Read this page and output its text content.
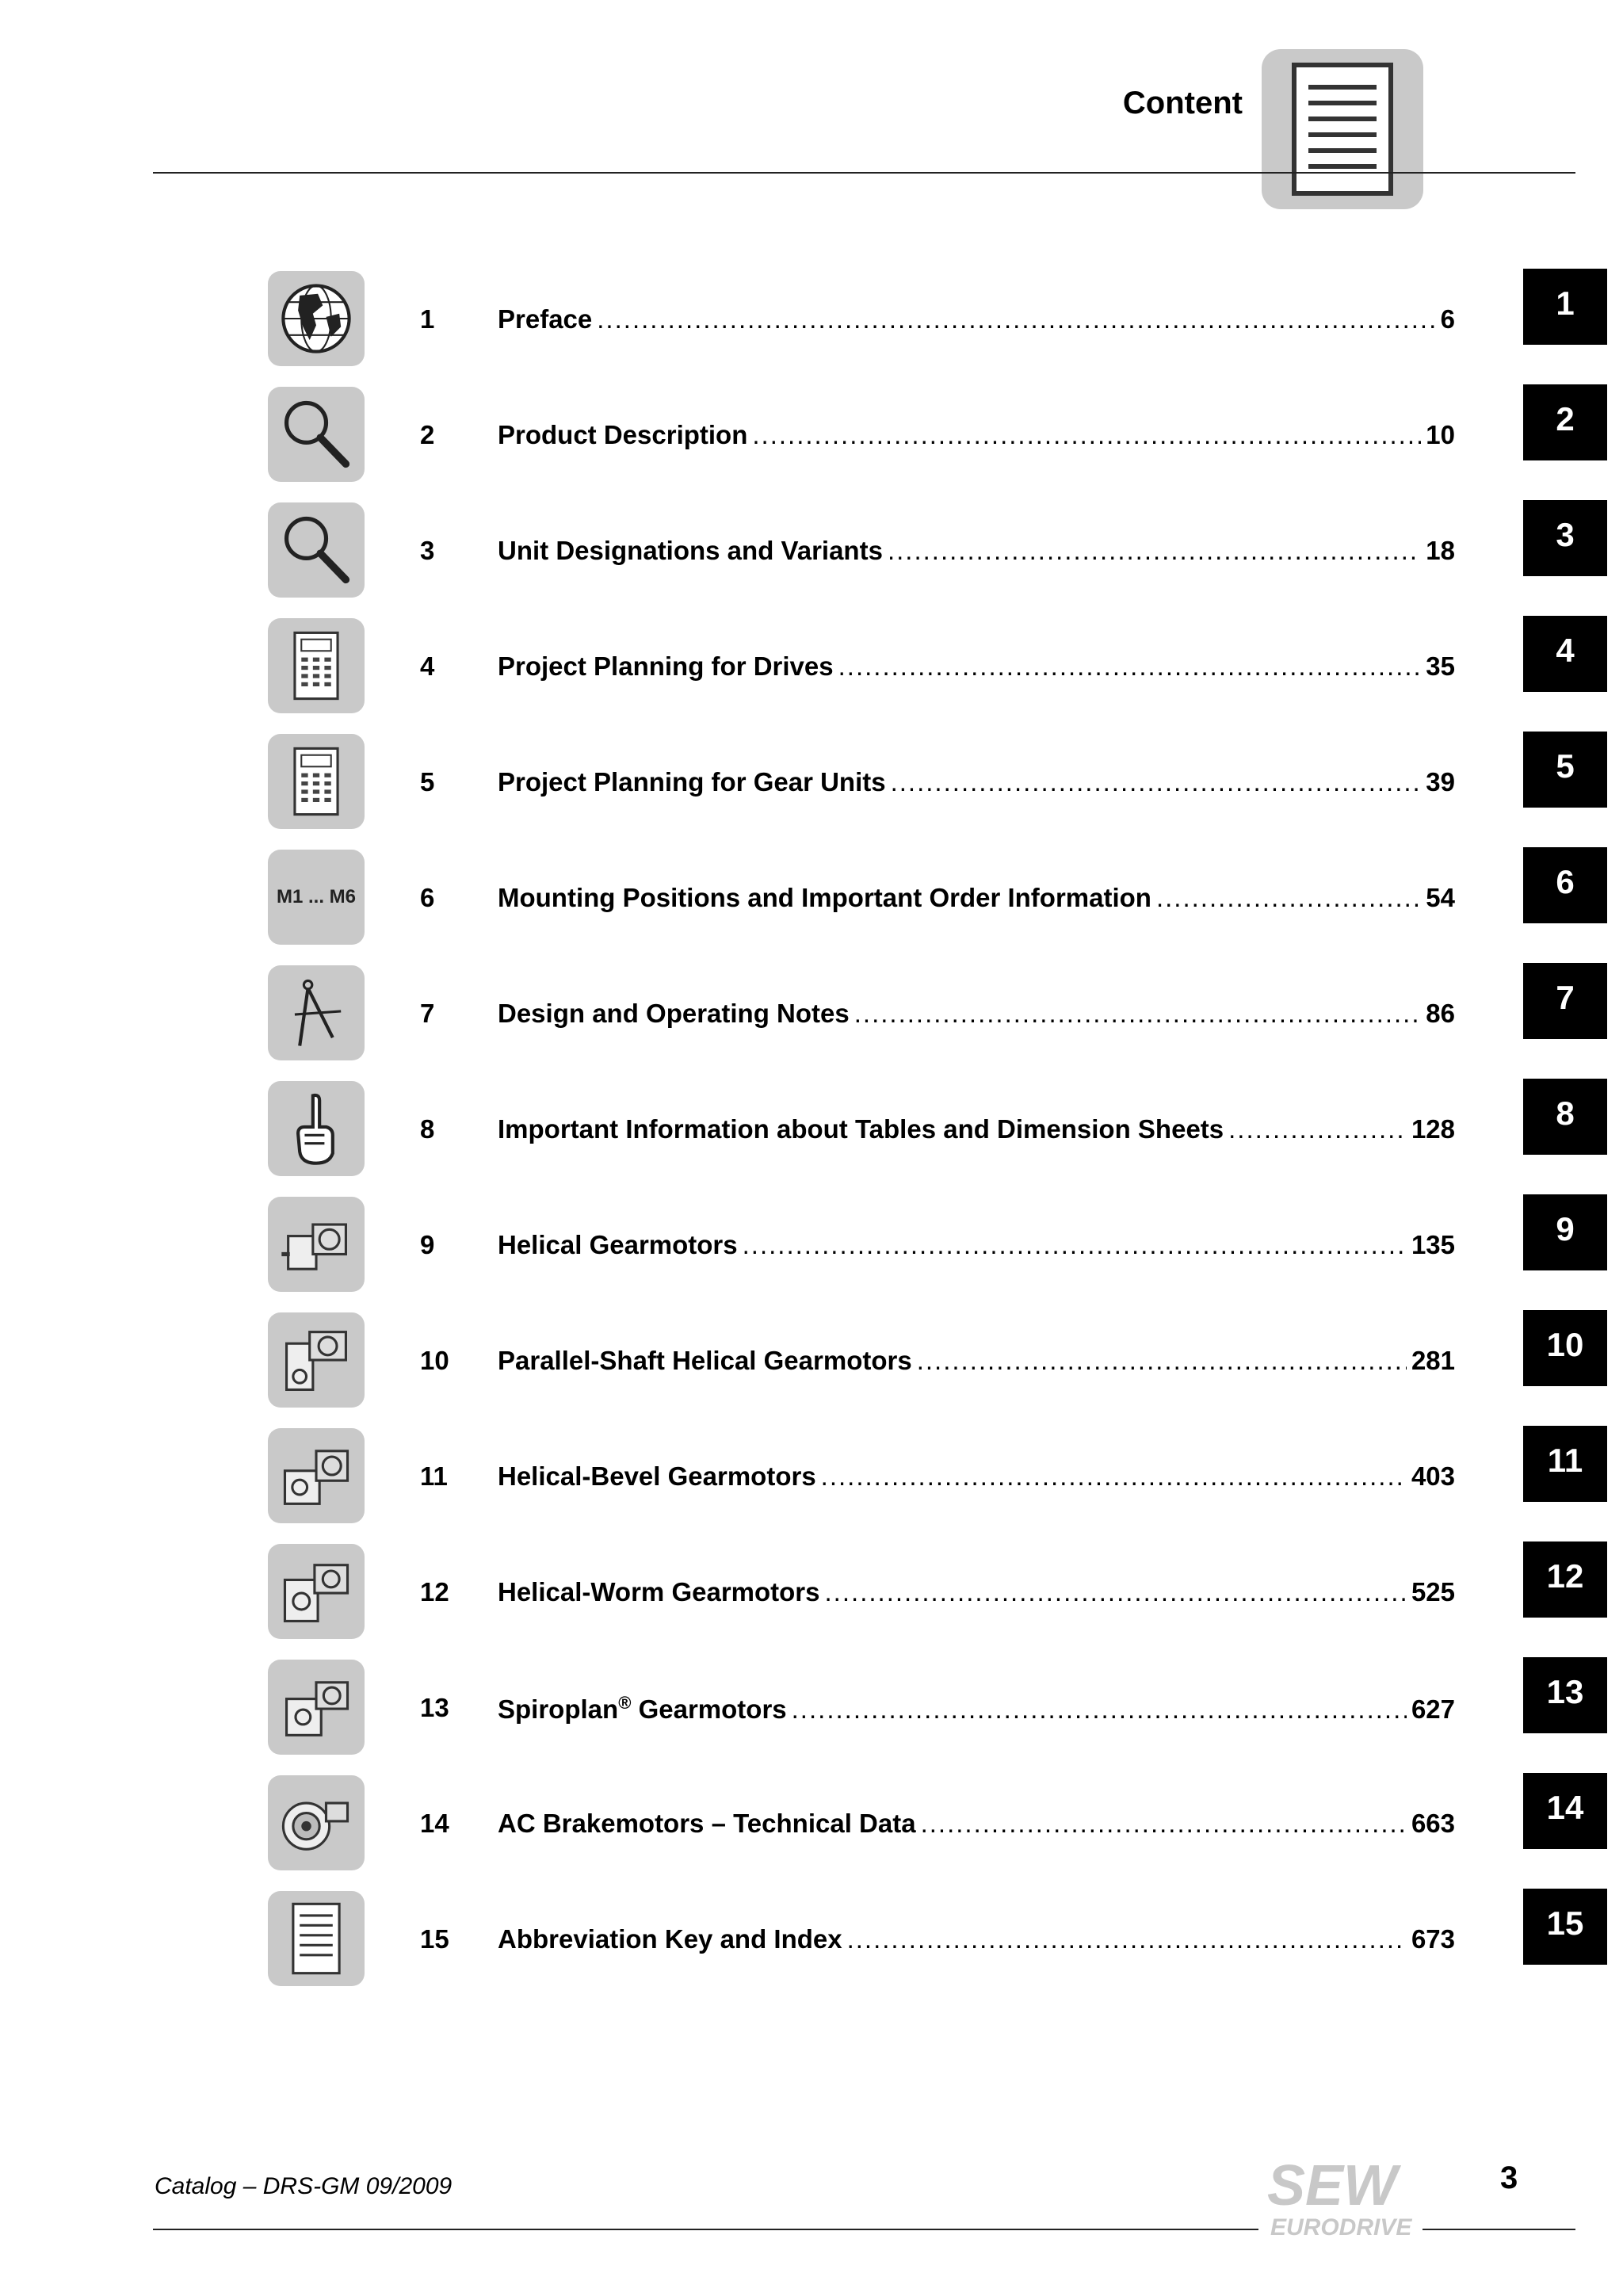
Content
1 Preface .....	6	1
2 Product Description .....	10	2
3 Unit Designations and Variants .....	18	3
4 Project Planning for Drives .....	35	4
5 Project Planning for Gear Units .....	39	5
M1 ... M6 6 Mounting Positions and Important Order Information .....	54	6
7 Design and Operating Notes .....	86	7
8 Important Information about Tables and Dimension Sheets .....	128	8
9 Helical Gearmotors .....	135	9
10 Parallel-Shaft Helical Gearmotors .....	281	10
11 Helical-Bevel Gearmotors .....	403	11
12 Helical-Worm Gearmotors .....	525	12
13 Spiroplan® Gearmotors .....	627	13
14 AC Brakemotors – Technical Data .....	663	14
15 Abbreviation Key and Index .....	673	15
Catalog – DRS-GM 09/2009	3
SEW
EURODRIVE
